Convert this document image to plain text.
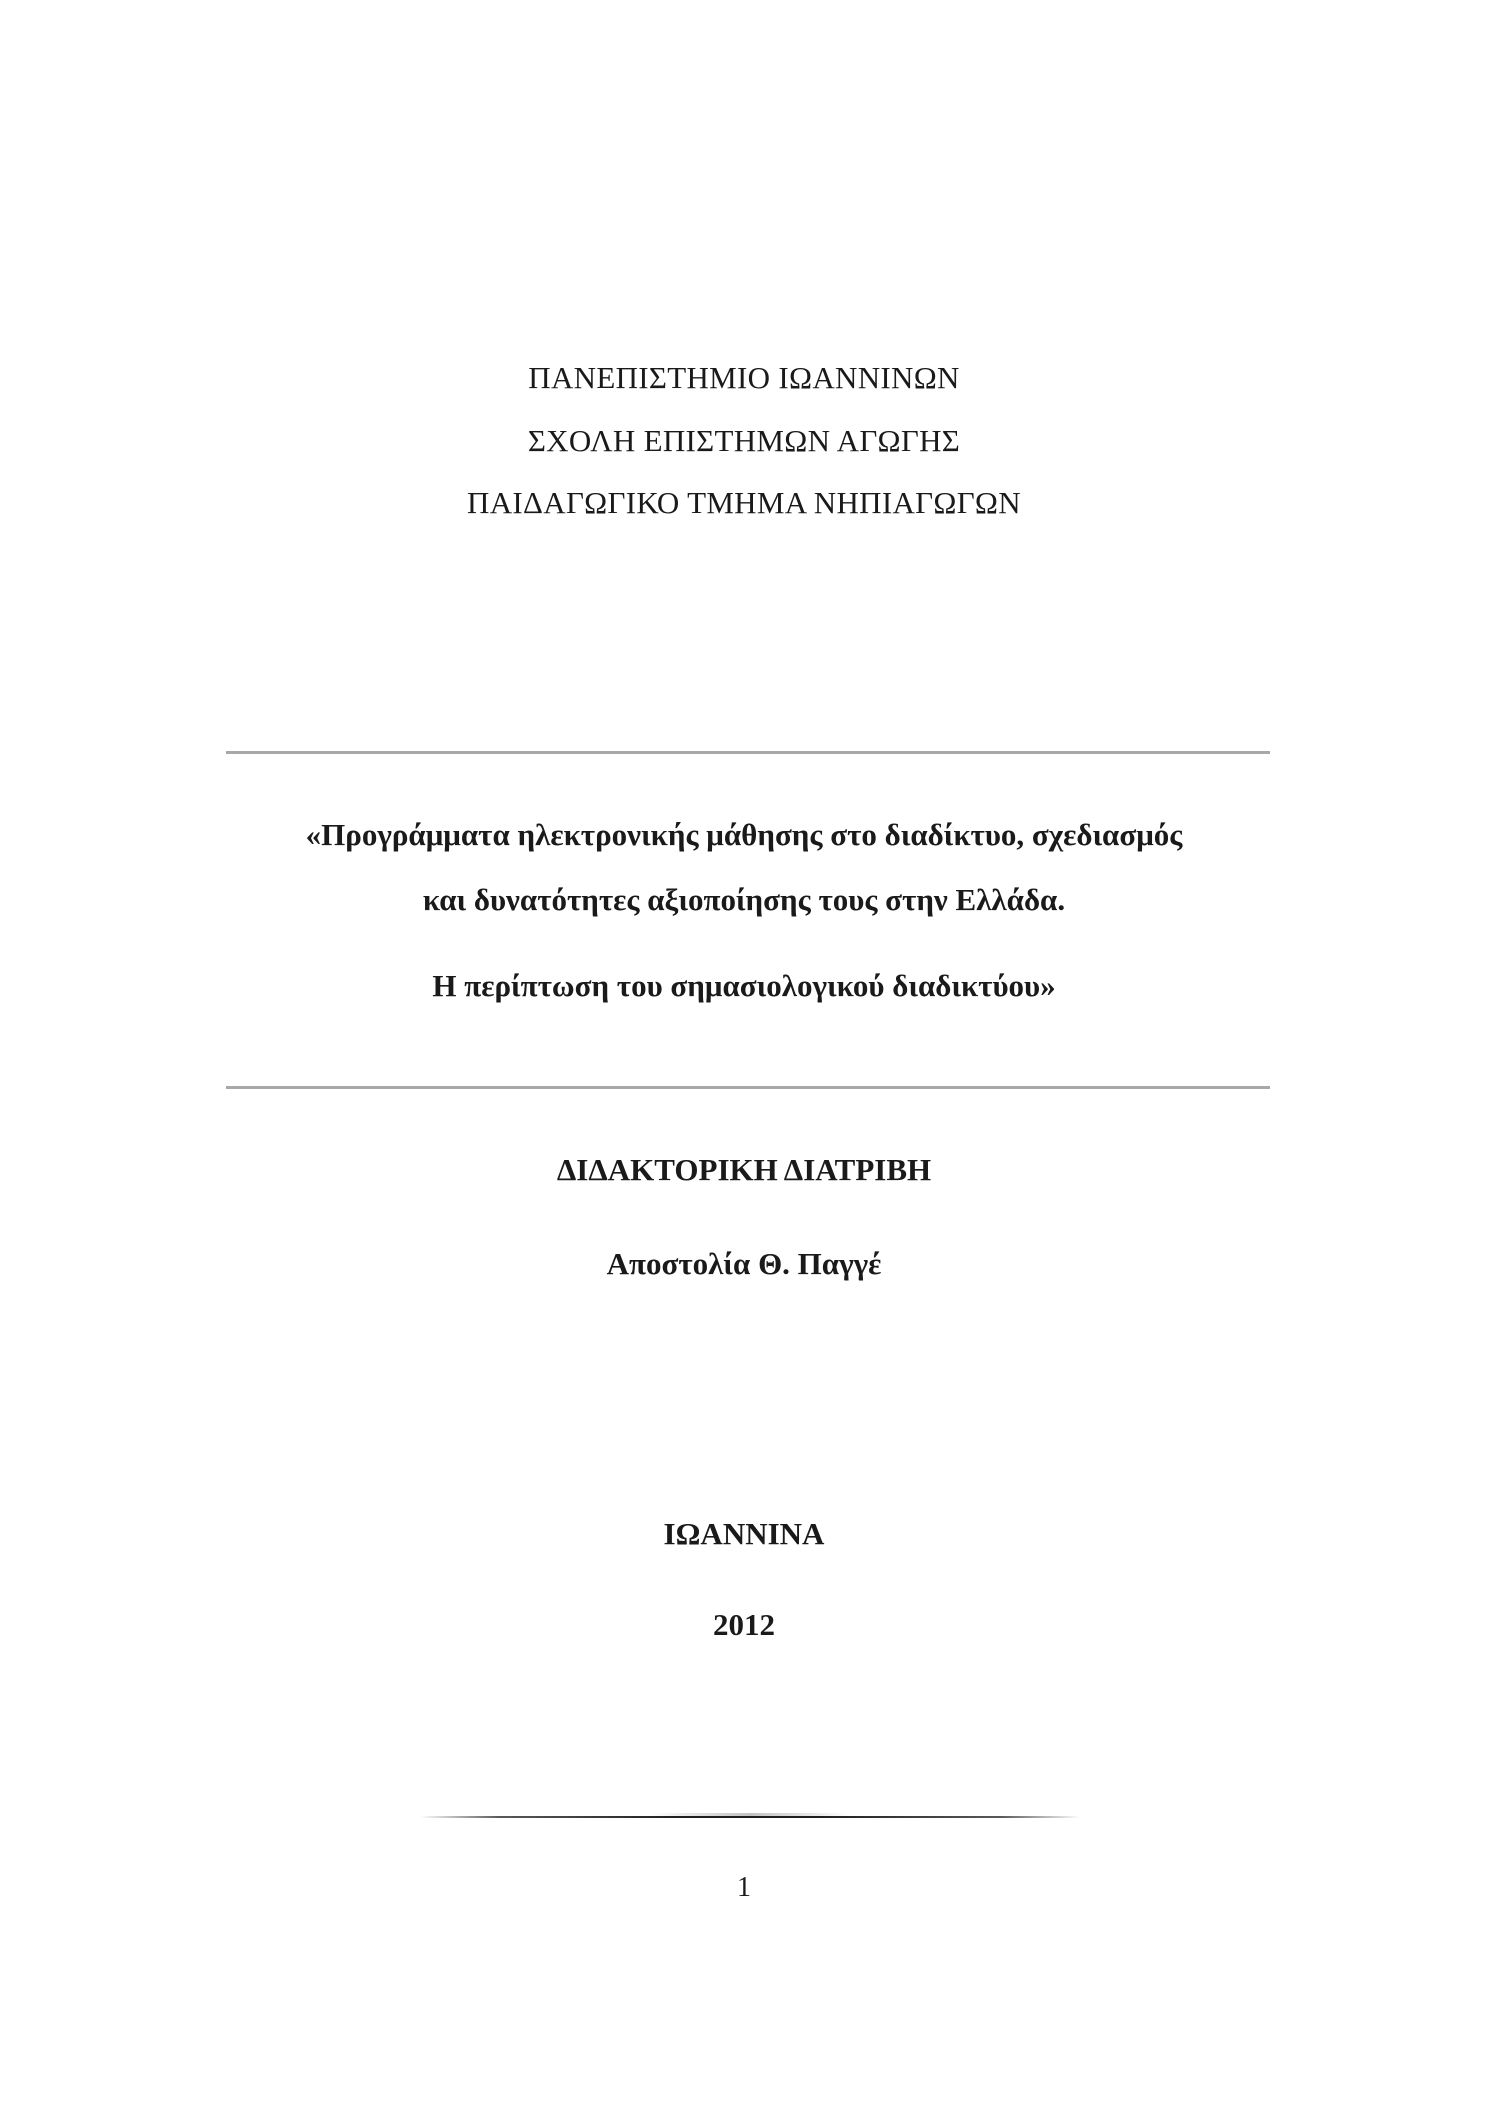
ΠΑΝΕΠΙΣΤΗΜΙΟ ΙΩΑΝΝΙΝΩΝ
ΣΧΟΛΗ ΕΠΙΣΤΗΜΩΝ ΑΓΩΓΗΣ
ΠΑΙΔΑΓΩΓΙΚΟ ΤΜΗΜΑ ΝΗΠΙΑΓΩΓΩΝ
«Προγράμματα ηλεκτρονικής μάθησης στο διαδίκτυο, σχεδιασμός
και δυνατότητες αξιοποίησης τους στην Ελλάδα.
Η περίπτωση του σημασιολογικού διαδικτύου»
ΔΙΔΑΚΤΟΡΙΚΗ ΔΙΑΤΡΙΒΗ
Αποστολία Θ. Παγγέ
ΙΩΑΝΝΙΝΑ
2012
1
